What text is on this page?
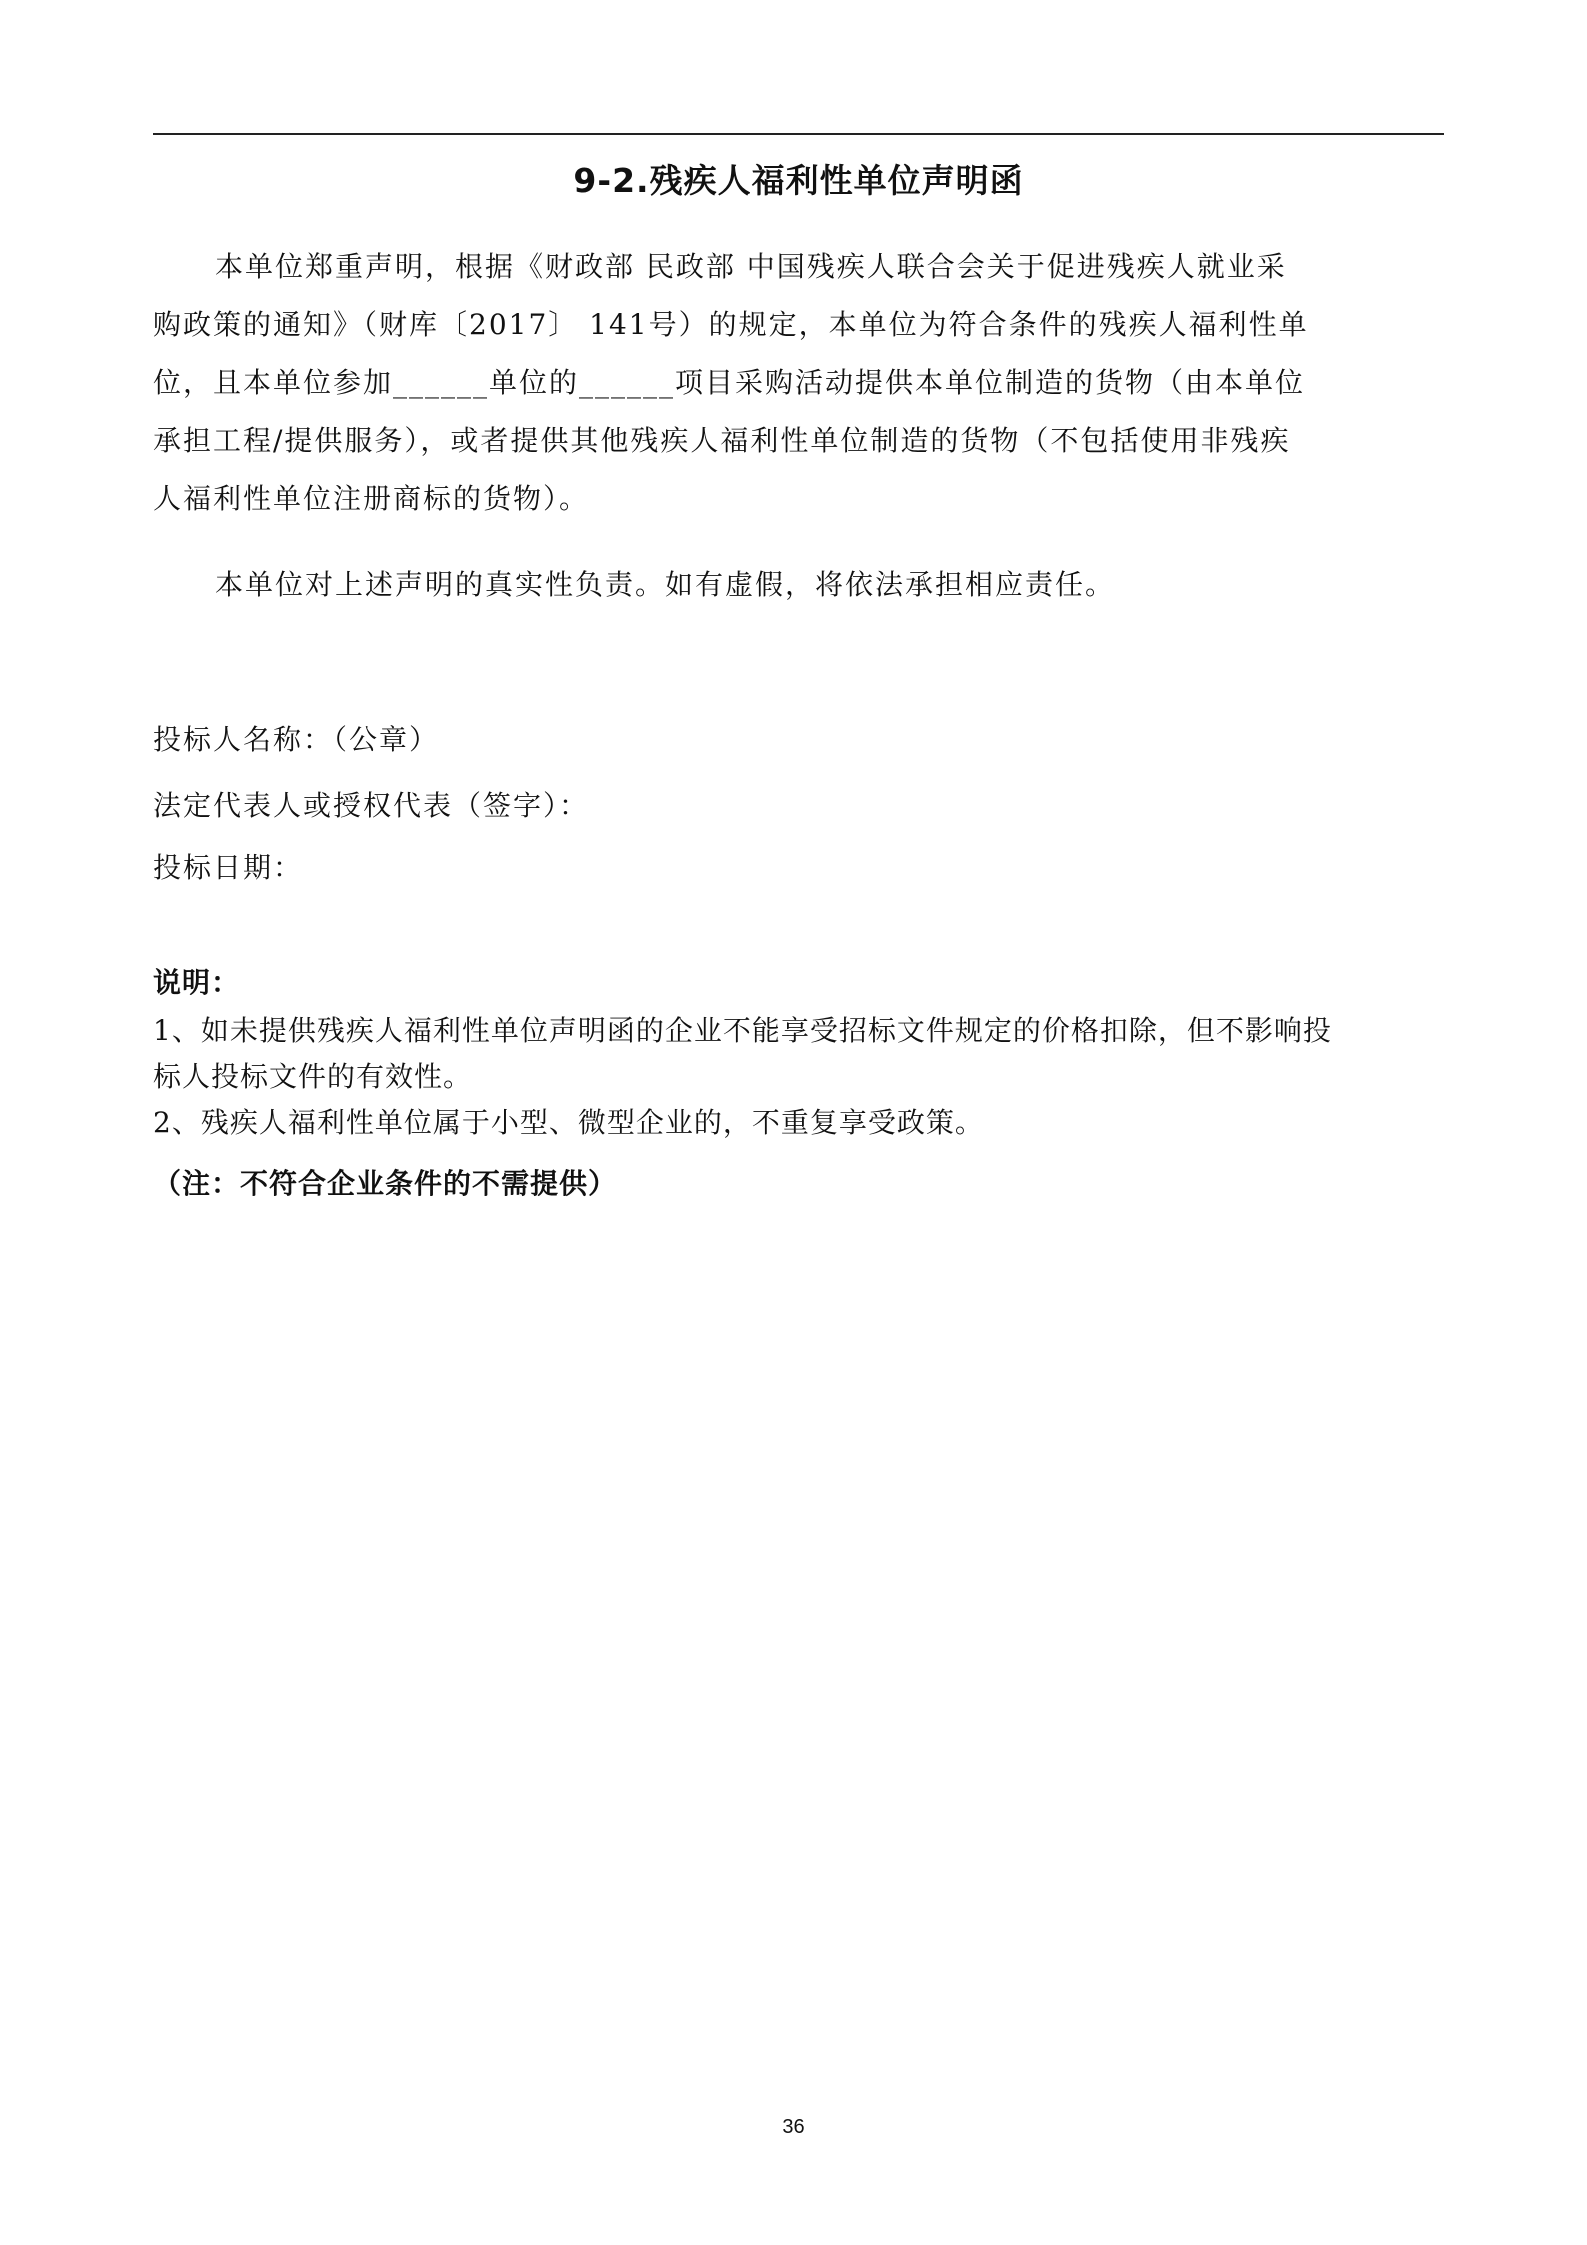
9-2.残疾人福利性单位声明函
本单位郑重声明，根据《财政部 民政部 中国残疾人联合会关于促进残疾人就业采
购政策的通知》（财库〔2017〕 141号）的规定，本单位为符合条件的残疾人福利性单
位，且本单位参加______单位的______项目采购活动提供本单位制造的货物（由本单位
承担工程/提供服务），或者提供其他残疾人福利性单位制造的货物（不包括使用非残疾
人福利性单位注册商标的货物）。
本单位对上述声明的真实性负责。如有虚假，将依法承担相应责任。
投标人名称：（公章）
法定代表人或授权代表（签字）：
投标日期：
说明：
1、如未提供残疾人福利性单位声明函的企业不能享受招标文件规定的价格扣除，但不影响投
标人投标文件的有效性。
2、残疾人福利性单位属于小型、微型企业的，不重复享受政策。
（注：不符合企业条件的不需提供）
36
